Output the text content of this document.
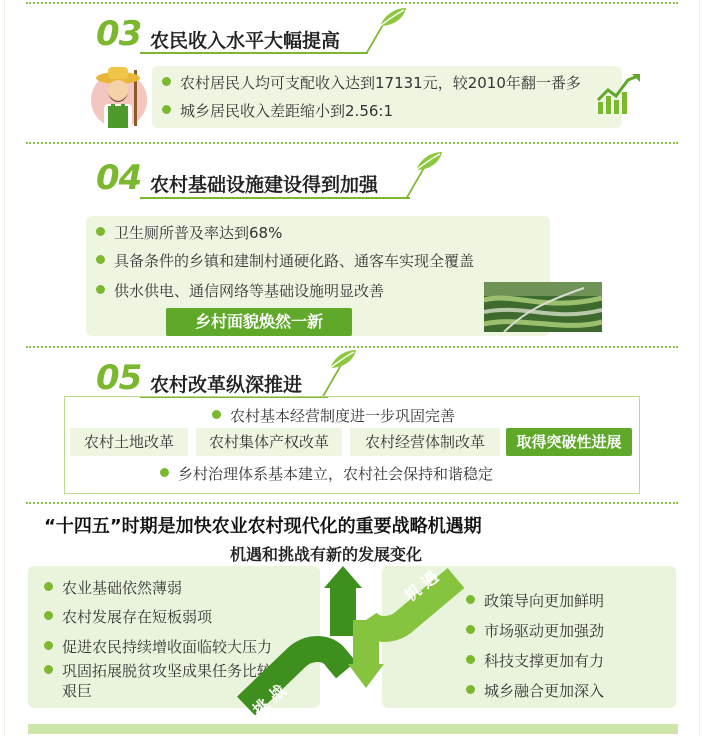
03 农民收入水平大幅提高
农村居民人均可支配收入达到17131元，较2010年翻一番多
城乡居民收入差距缩小到2.56:1
04 农村基础设施建设得到加强
卫生厕所普及率达到68%
具备条件的乡镇和建制村通硬化路、通客车实现全覆盖
供水供电、通信网络等基础设施明显改善
乡村面貌焕然一新
05 农村改革纵深推进
农村基本经营制度进一步巩固完善
农村土地改革	农村集体产权改革	农村经营体制改革	取得突破性进展
乡村治理体系基本建立，农村社会保持和谐稳定
“十四五”时期是加快农业农村现代化的重要战略机遇期
机遇和挑战有新的发展变化
农业基础依然薄弱
农村发展存在短板弱项
促进农民持续增收面临较大压力
巩固拓展脱贫攻坚成果任务比较
艰巨
政策导向更加鲜明
市场驱动更加强劲
科技支撑更加有力
城乡融合更加深入
机 遇
挑 战
